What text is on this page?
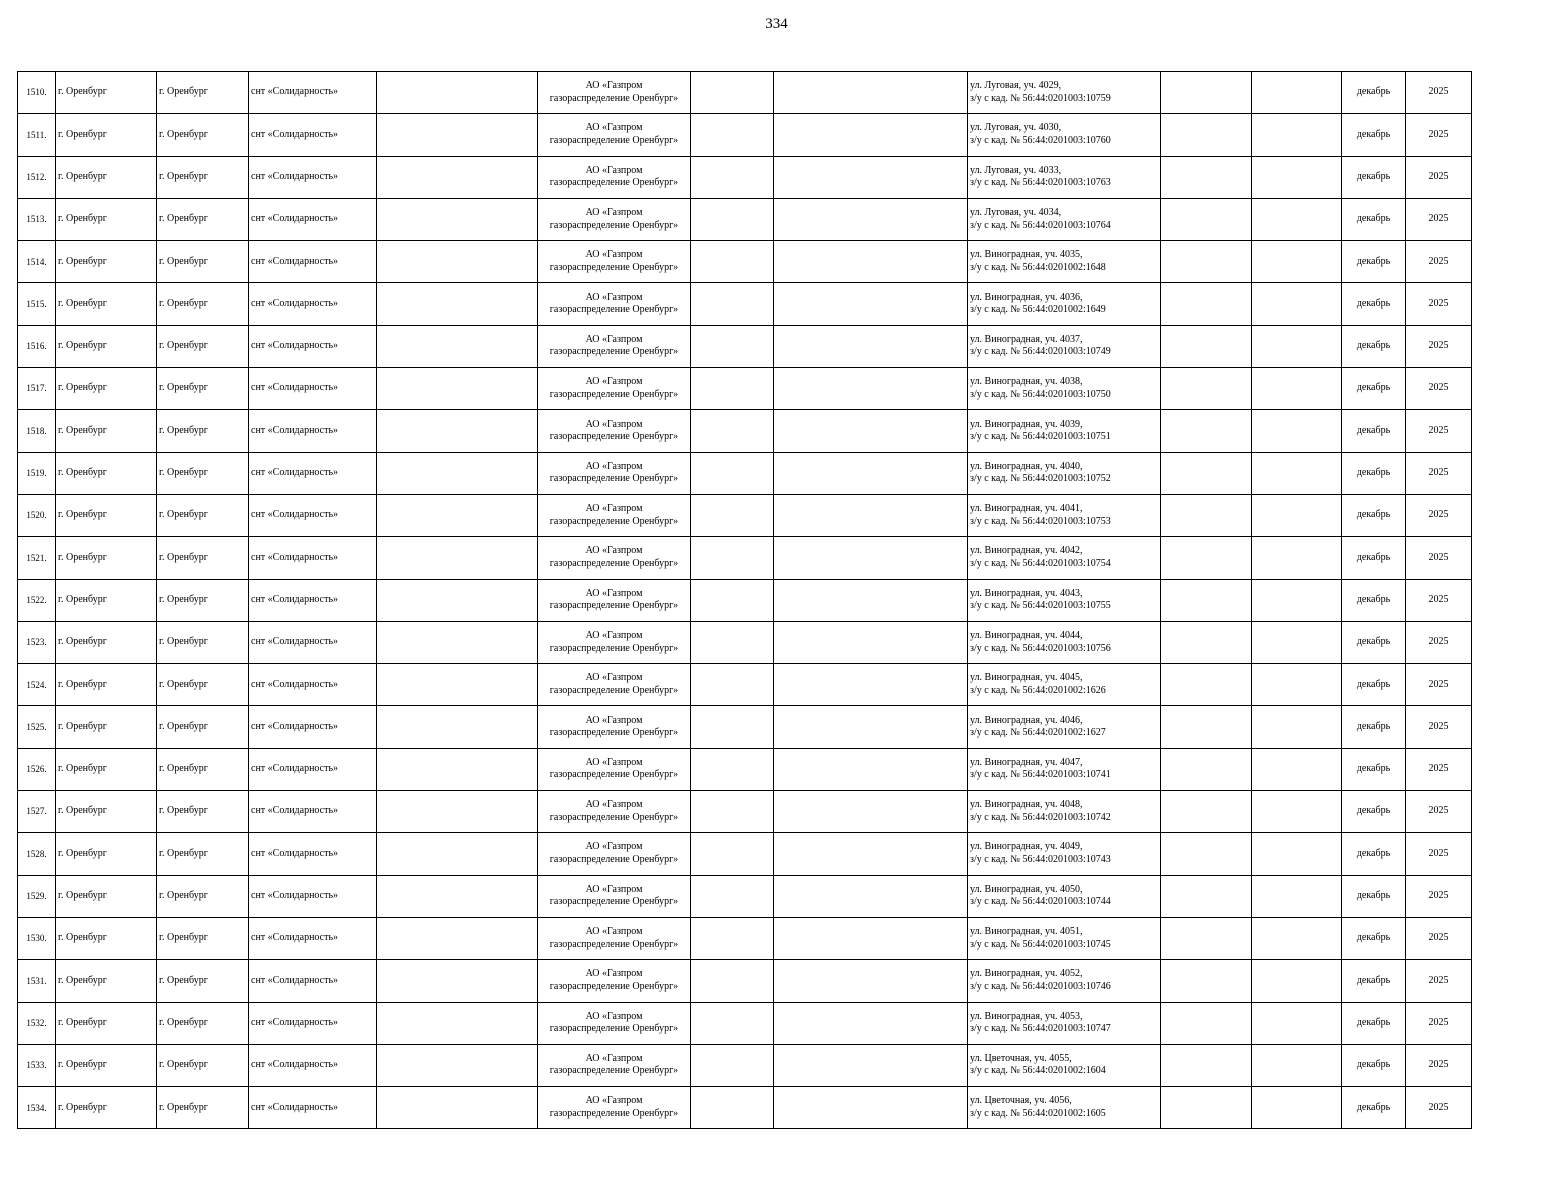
334
1510.	г. Оренбург	г. Оренбург	снт «Солидарность»		АО «Газпром
газораспределение Оренбург»			ул. Луговая, уч. 4029,
з/у с кад. № 56:44:0201003:10759			декабрь	2025
1511.	г. Оренбург	г. Оренбург	снт «Солидарность»		АО «Газпром
газораспределение Оренбург»			ул. Луговая, уч. 4030,
з/у с кад. № 56:44:0201003:10760			декабрь	2025
1512.	г. Оренбург	г. Оренбург	снт «Солидарность»		АО «Газпром
газораспределение Оренбург»			ул. Луговая, уч. 4033,
з/у с кад. № 56:44:0201003:10763			декабрь	2025
1513.	г. Оренбург	г. Оренбург	снт «Солидарность»		АО «Газпром
газораспределение Оренбург»			ул. Луговая, уч. 4034,
з/у с кад. № 56:44:0201003:10764			декабрь	2025
1514.	г. Оренбург	г. Оренбург	снт «Солидарность»		АО «Газпром
газораспределение Оренбург»			ул. Виноградная, уч. 4035,
з/у с кад. № 56:44:0201002:1648			декабрь	2025
1515.	г. Оренбург	г. Оренбург	снт «Солидарность»		АО «Газпром
газораспределение Оренбург»			ул. Виноградная, уч. 4036,
з/у с кад. № 56:44:0201002:1649			декабрь	2025
1516.	г. Оренбург	г. Оренбург	снт «Солидарность»		АО «Газпром
газораспределение Оренбург»			ул. Виноградная, уч. 4037,
з/у с кад. № 56:44:0201003:10749			декабрь	2025
1517.	г. Оренбург	г. Оренбург	снт «Солидарность»		АО «Газпром
газораспределение Оренбург»			ул. Виноградная, уч. 4038,
з/у с кад. № 56:44:0201003:10750			декабрь	2025
1518.	г. Оренбург	г. Оренбург	снт «Солидарность»		АО «Газпром
газораспределение Оренбург»			ул. Виноградная, уч. 4039,
з/у с кад. № 56:44:0201003:10751			декабрь	2025
1519.	г. Оренбург	г. Оренбург	снт «Солидарность»		АО «Газпром
газораспределение Оренбург»			ул. Виноградная, уч. 4040,
з/у с кад. № 56:44:0201003:10752			декабрь	2025
1520.	г. Оренбург	г. Оренбург	снт «Солидарность»		АО «Газпром
газораспределение Оренбург»			ул. Виноградная, уч. 4041,
з/у с кад. № 56:44:0201003:10753			декабрь	2025
1521.	г. Оренбург	г. Оренбург	снт «Солидарность»		АО «Газпром
газораспределение Оренбург»			ул. Виноградная, уч. 4042,
з/у с кад. № 56:44:0201003:10754			декабрь	2025
1522.	г. Оренбург	г. Оренбург	снт «Солидарность»		АО «Газпром
газораспределение Оренбург»			ул. Виноградная, уч. 4043,
з/у с кад. № 56:44:0201003:10755			декабрь	2025
1523.	г. Оренбург	г. Оренбург	снт «Солидарность»		АО «Газпром
газораспределение Оренбург»			ул. Виноградная, уч. 4044,
з/у с кад. № 56:44:0201003:10756			декабрь	2025
1524.	г. Оренбург	г. Оренбург	снт «Солидарность»		АО «Газпром
газораспределение Оренбург»			ул. Виноградная, уч. 4045,
з/у с кад. № 56:44:0201002:1626			декабрь	2025
1525.	г. Оренбург	г. Оренбург	снт «Солидарность»		АО «Газпром
газораспределение Оренбург»			ул. Виноградная, уч. 4046,
з/у с кад. № 56:44:0201002:1627			декабрь	2025
1526.	г. Оренбург	г. Оренбург	снт «Солидарность»		АО «Газпром
газораспределение Оренбург»			ул. Виноградная, уч. 4047,
з/у с кад. № 56:44:0201003:10741			декабрь	2025
1527.	г. Оренбург	г. Оренбург	снт «Солидарность»		АО «Газпром
газораспределение Оренбург»			ул. Виноградная, уч. 4048,
з/у с кад. № 56:44:0201003:10742			декабрь	2025
1528.	г. Оренбург	г. Оренбург	снт «Солидарность»		АО «Газпром
газораспределение Оренбург»			ул. Виноградная, уч. 4049,
з/у с кад. № 56:44:0201003:10743			декабрь	2025
1529.	г. Оренбург	г. Оренбург	снт «Солидарность»		АО «Газпром
газораспределение Оренбург»			ул. Виноградная, уч. 4050,
з/у с кад. № 56:44:0201003:10744			декабрь	2025
1530.	г. Оренбург	г. Оренбург	снт «Солидарность»		АО «Газпром
газораспределение Оренбург»			ул. Виноградная, уч. 4051,
з/у с кад. № 56:44:0201003:10745			декабрь	2025
1531.	г. Оренбург	г. Оренбург	снт «Солидарность»		АО «Газпром
газораспределение Оренбург»			ул. Виноградная, уч. 4052,
з/у с кад. № 56:44:0201003:10746			декабрь	2025
1532.	г. Оренбург	г. Оренбург	снт «Солидарность»		АО «Газпром
газораспределение Оренбург»			ул. Виноградная, уч. 4053,
з/у с кад. № 56:44:0201003:10747			декабрь	2025
1533.	г. Оренбург	г. Оренбург	снт «Солидарность»		АО «Газпром
газораспределение Оренбург»			ул. Цветочная, уч. 4055,
з/у с кад. № 56:44:0201002:1604			декабрь	2025
1534.	г. Оренбург	г. Оренбург	снт «Солидарность»		АО «Газпром
газораспределение Оренбург»			ул. Цветочная, уч. 4056,
з/у с кад. № 56:44:0201002:1605			декабрь	2025
